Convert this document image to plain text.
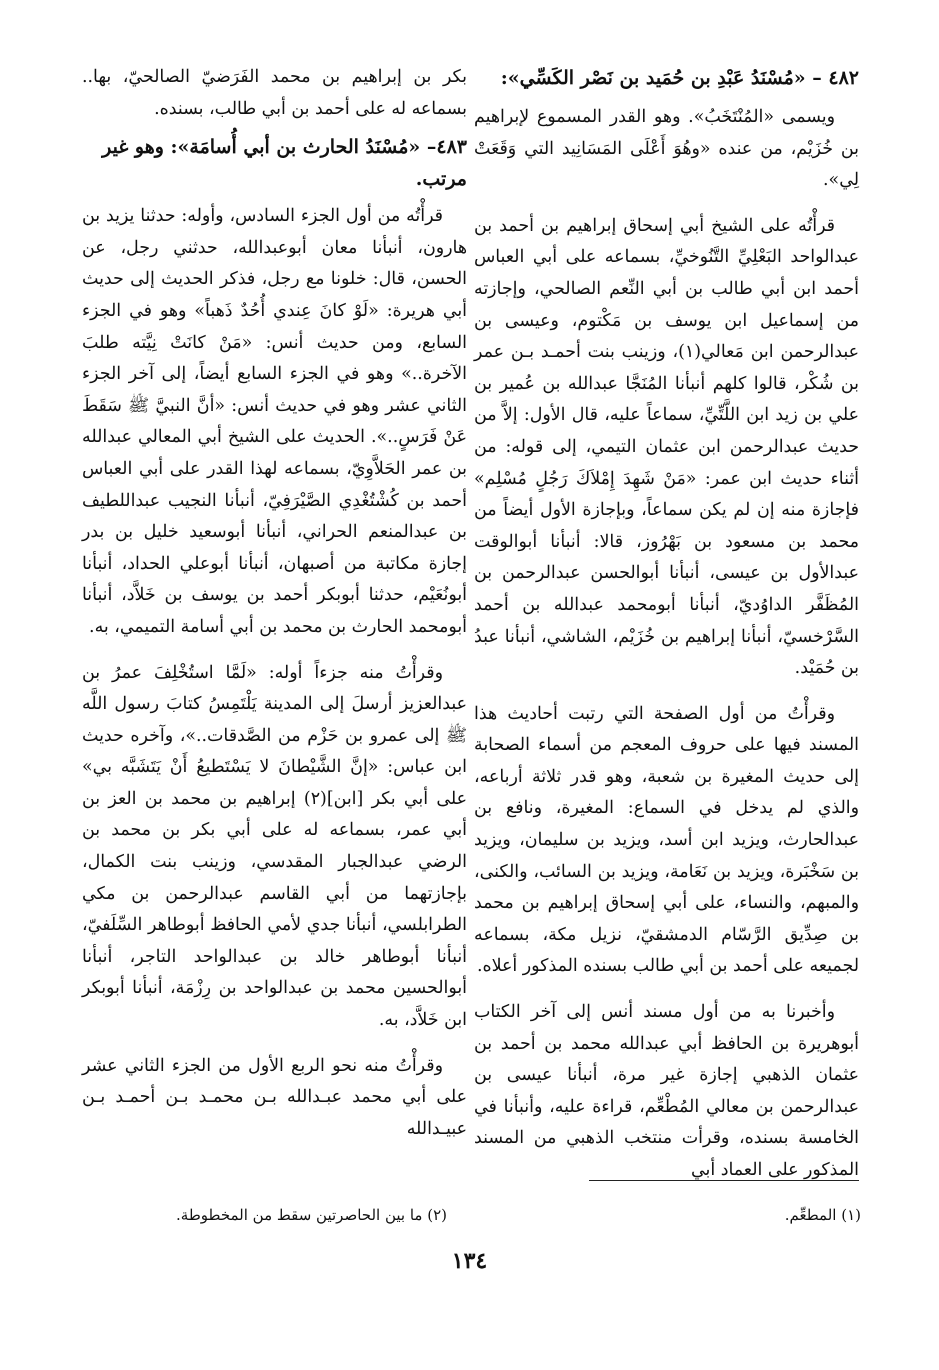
٤٨٢ – «مُسْنَدُ عَبْدِ بن حُمَيد بن نَصْر الكَسِّي»:

ويسمى «المُنْتَخَبُ». وهو القدر المسموع لإبراهيم بن خُزَيْم، من عنده «وهُوَ أَعْلَى المَسَانِيد التي وَقَعَتْ لِي».

قرأْتُه على الشيخ أبي إسحاق إبراهيم بن أحمد بن عبدالواحد البَعْلِيِّ التَّنُوخيِّ، بسماعه على أبي العباس أحمد ابن أبي طالب بن أبي النِّعم الصالحي، وإجازته من إسماعيل ابن يوسف بن مَكْتوم، وعيسى بن عبدالرحمن ابن مَعالي(١)، وزينب بنت أحمـد بـن عمر بن شُكْر، قالوا كلهم أنبأنا المُنَجَّا عبدالله بن عُمير بن علي بن زيد ابن اللَّتِّيِّ، سماعاً عليه، قال الأول: إلاَّ من حديث عبدالرحمن ابن عثمان التيمي، إلى قوله: من أثناء حديث ابن عمر: «مَنْ شَهِدَ إِمْلاَكَ رَجُلٍ مُسْلِم» فإجازة منه إن لم يكن سماعاً، وبإجازة الأول أيضاً من محمد بن مسعود بن بَهْرُوز، قالا: أنبأنا أبوالوقت عبدالأول بن عيسى، أنبأنا أبوالحسن عبدالرحمن بن المُظَفَّر الداوُديّ، أنبأنا أبومحمد عبدالله بن أحمد السَّرْخسيّ، أنبأنا إبراهيم بن خُزَيْم، الشاشي، أنبأنا عبدُ بن حُمَيْد.

وقرأْتُ من أول الصفحة التي رتبت أحاديث هذا المسند فيها على حروف المعجم من أسماء الصحابة إلى حديث المغيرة بن شعبة، وهو قدر ثلاثة أرباعه، والذي لم يدخل في السماع: المغيرة، ونافع بن عبدالحارث، ويزيد ابن أسد، ويزيد بن سليمان، ويزيد بن سَخْبَرة، ويزيد بن نَعَامة، ويزيد بن السائب، والكنى، والمبهم، والنساء، على أبي إسحاق إبراهيم بن محمد بن صِدِّيق الرَّسّام الدمشقيّ، نزيل مكة، بسماعه لجميعه على أحمد بن أبي طالب بسنده المذكور أعلاه.

وأخبرنا به من أول مسند أنس إلى آخر الكتاب أبوهريرة بن الحافظ أبي عبدالله محمد بن أحمد بن عثمان الذهبي إجازة غير مرة، أنبأنا عيسى بن عبدالرحمن بن معالي المُطْعِّم، قراءة عليه، وأنبأنا في الخامسة بسنده، وقرأت منتخب الذهبي من المسند المذكور على العماد أبي

بكر بن إبراهيم بن محمد الفَرَضيّ الصالحيّ، بها.. بسماعه له على أحمد بن أبي طالب، بسنده.

٤٨٣– «مُسْنَدُ الحارث بن أبي أُسامَة»: وهو غير مرتب.

قرأْتُه من أول الجزء السادس، وأوله: حدثنا يزيد بن هارون، أنبأنا معان أبوعبدالله، حدثني رجل، عن الحسن، قال: خلونا مع رجل، فذكر الحديث إلى حديث أبي هريرة: «لَوْ كانَ عِندي أُحُدٌ ذَهباً» وهو في الجزء السابع، ومن حديث أنس: «مَنْ كانَتْ نِيَّته طلبَ الآخرة..» وهو في الجزء السابع أيضاً، إلى آخر الجزء الثاني عشر وهو في حديث أنس: «أنَّ النبيَّ ﷺ سَقَطَ عَنْ فَرَسٍ..». الحديث على الشيخ أبي المعالي عبدالله بن عمر الحَلاَّوِيّ، بسماعه لهذا القدر على أبي العباس أحمد بن كُشْتُغْدِي الصَّيْرَفِيّ، أنبأنا النجيب عبداللطيف بن عبدالمنعم الحراني، أنبأنا أبوسعيد خليل بن بدر إجازة مكاتبة من أصبهان، أنبأنا أبوعلي الحداد، أنبأنا أبونُعَيْم، حدثنا أبوبكر أحمد بن يوسف بن خَلاَّد، أنبأنا أبومحمد الحارث بن محمد بن أبي أسامة التميمي، به.

وقرأْتُ منه جزءاً أوله: «لَمَّا استُخْلِفَ عمرُ بن عبدالعزيز أرسلَ إلى المدينة يَلْتَمِسُ كتابَ رسول اللَّه ﷺ إلى عمرو بن حَزْم من الصَّدقات..»، وآخره حديث ابن عباس: «إنَّ الشَّيْطانَ لا يَسْتَطيعُ أَنْ يَتَشَبَّه بي» على أبي بكر [ابن](٢) إبراهيم بن محمد بن العز بن أبي عمر، بسماعه له على أبي بكر بن محمد بن الرضي عبدالجبار المقدسي، وزينب بنت الكمال، بإجازتهما من أبي القاسم عبدالرحمن بن مكي الطرابلسي، أنبأنا جدي لأمي الحافظ أبوطاهر السِّلَفيّ، أنبأنا أبوطاهر خالد بن عبدالواحد التاجر، أنبأنا أبوالحسين محمد بن عبدالواحد بن رِزْمَة، أنبأنا أبوبكر ابن خَلاَّد، به.

وقرأْتُ منه نحو الربع الأول من الجزء الثاني عشر على أبي محمد عبـدالله بـن محمـد بـن أحمـد بـن عبيـدالله

(١) المطعِّم.
(٢) ما بين الحاصرتين سقط من المخطوطة.
١٣٤
